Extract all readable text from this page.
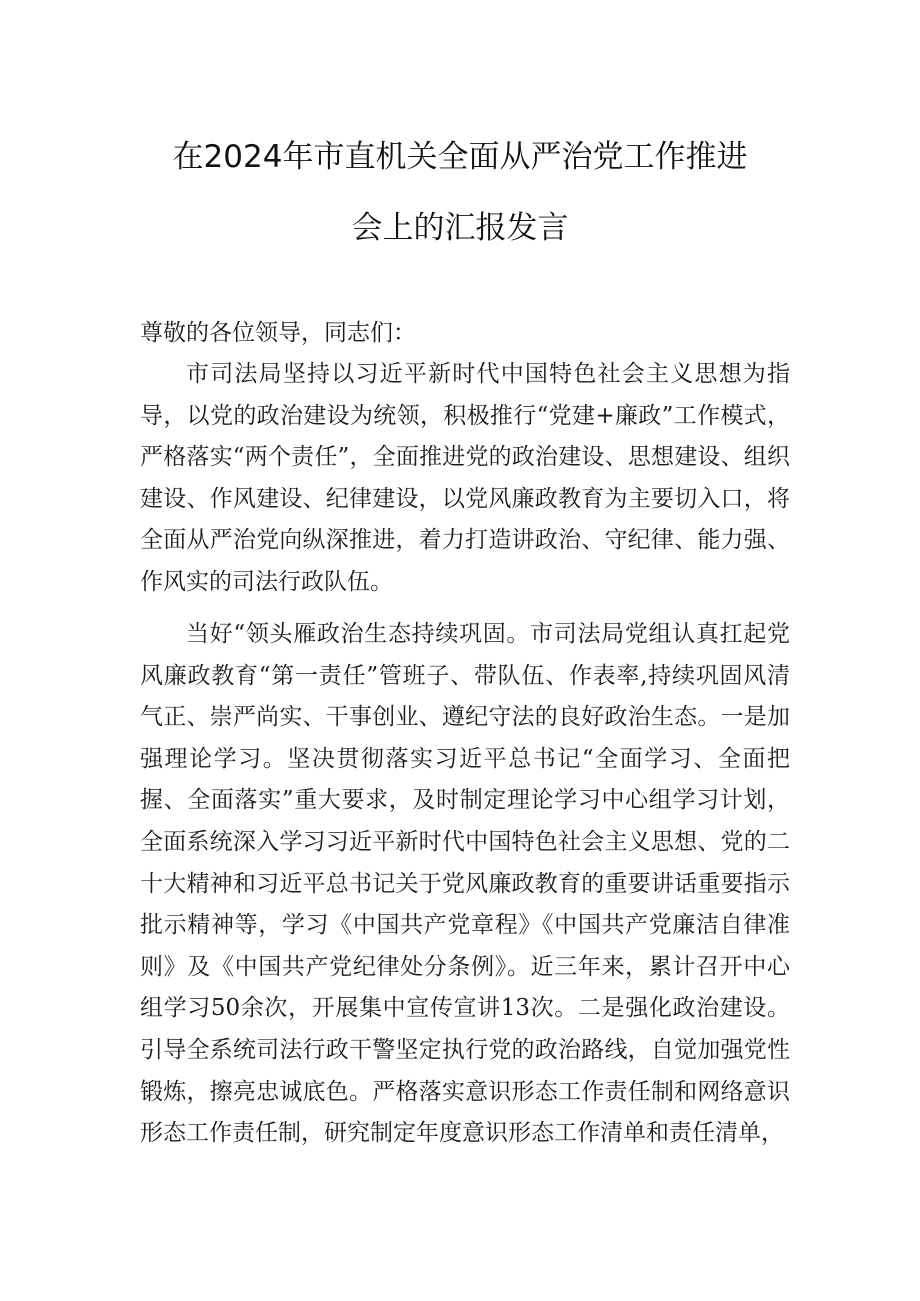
在2024年市直机关全面从严治党工作推进
会上的汇报发言

尊敬的各位领导，同志们：

市司法局坚持以习近平新时代中国特色社会主义思想为指导，以党的政治建设为统领，积极推行“党建+廉政”工作模式，严格落实“两个责任”，全面推进党的政治建设、思想建设、组织建设、作风建设、纪律建设，以党风廉政教育为主要切入口，将全面从严治党向纵深推进，着力打造讲政治、守纪律、能力强、作风实的司法行政队伍。

当好“领头雁政治生态持续巩固。市司法局党组认真扛起党风廉政教育“第一责任”管班子、带队伍、作表率,持续巩固风清气正、崇严尚实、干事创业、遵纪守法的良好政治生态。一是加强理论学习。坚决贯彻落实习近平总书记“全面学习、全面把握、全面落实”重大要求，及时制定理论学习中心组学习计划，全面系统深入学习习近平新时代中国特色社会主义思想、党的二十大精神和习近平总书记关于党风廉政教育的重要讲话重要指示批示精神等，学习《中国共产党章程》《中国共产党廉洁自律准则》及《中国共产党纪律处分条例》。近三年来，累计召开中心组学习50余次，开展集中宣传宣讲13次。二是强化政治建设。引导全系统司法行政干警坚定执行党的政治路线，自觉加强党性锻炼，擦亮忠诚底色。严格落实意识形态工作责任制和网络意识形态工作责任制，研究制定年度意识形态工作清单和责任清单，
